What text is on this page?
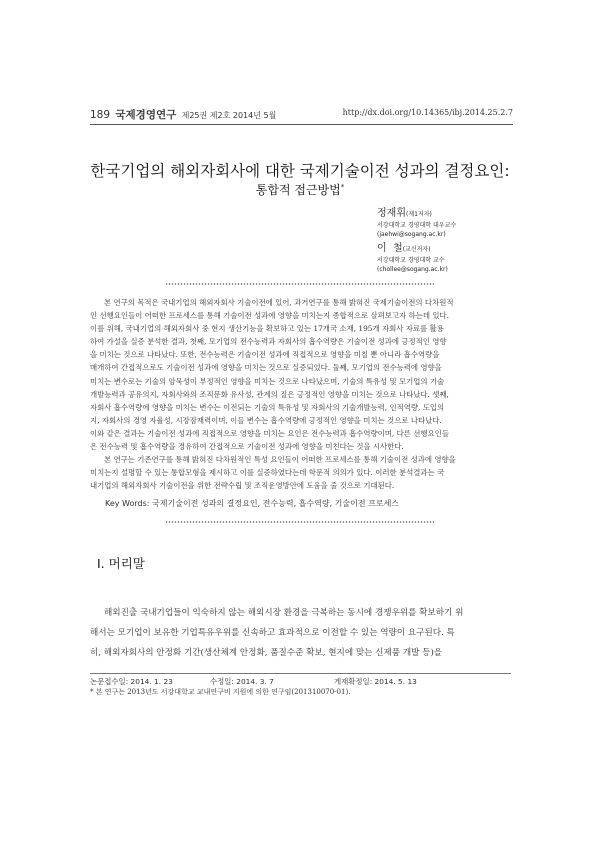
189 국제경영연구 제25권 제2호 2014년 5월	http://dx.doi.org/10.14365/ibj.2014.25.2.7
한국기업의 해외자회사에 대한 국제기술이전 성과의 결정요인:
통합적 접근방법*
정재휘(제1저자)
서강대학교 경영대학 대우교수
(jaehwi@sogang.ac.kr)
이  철(교신저자)
서강대학교 경영대학 교수
(chollee@sogang.ac.kr)
본 연구의 목적은 국내기업의 해외자회사 기술이전에 있어, 과거연구를 통해 밝혀진 국제기술이전의 다차원적
인 선행요인들이 어떠한 프로세스를 통해 기술이전 성과에 영향을 미치는지 종합적으로 살펴보고자 하는데 있다.
이를 위해, 국내기업의 해외자회사 중 현지 생산기능을 확보하고 있는 17개국 소재, 195개 자회사 자료를 활용
하여 가설을 실증 분석한 결과, 첫째, 모기업의 전수능력과 자회사의 흡수역량은 기술이전 성과에 긍정적인 영향
을 미치는 것으로 나타났다. 또한, 전수능력은 기술이전 성과에 직접적으로 영향을 미칠 뿐 아니라 흡수역량을
매개하여 간접적으로도 기술이전 성과에 영향을 미치는 것으로 실증되었다. 둘째, 모기업의 전수능력에 영향을
미치는 변수로는 기술의 암묵성이 부정적인 영향을 미치는 것으로 나타났으며, 기술의 특유성 및 모기업의 기술
개발능력과 공유의지, 자회사와의 조직문화 유사성, 관계의 질은 긍정적인 영향을 미치는 것으로 나타났다. 셋째,
자회사 흡수역량에 영향을 미치는 변수는 이전되는 기술의 특유성 및 자회사의 기술개발능력, 인적역량, 도입의
지, 자회사의 경영 자율성, 시장잠재력이며, 이들 변수는 흡수역량에 긍정적인 영향을 미치는 것으로 나타났다.
이와 같은 결과는 기술이전 성과에 직접적으로 영향을 미치는 요인은 전수능력과 흡수역량이며, 다른 선행요인들
은 전수능력 및 흡수역량을 경유하여 간접적으로 기술이전 성과에 영향을 미친다는 것을 시사한다.
본 연구는 기존연구를 통해 밝혀진 다차원적인 특성 요인들이 어떠한 프로세스를 통해 기술이전 성과에 영향을
미치는지 설명할 수 있는 통합모형을 제시하고 이를 실증하였다는데 학문적 의의가 있다. 이러한 분석결과는 국
내기업의 해외자회사 기술이전을 위한 전략수립 및 조직운영방안에 도움을 줄 것으로 기대된다.
Key Words: 국제기술이전 성과의 결정요인, 전수능력, 흡수역량, 기술이전 프로세스
Ⅰ. 머리말
해외진출 국내기업들이 익숙하지 않는 해외시장 환경을 극복하는 동시에 경쟁우위를 확보하기 위
해서는 모기업이 보유한 기업특유우위를 신속하고 효과적으로 이전할 수 있는 역량이 요구된다. 특
히, 해외자회사의 안정화 기간(생산체계 안정화, 품질수준 확보, 현지에 맞는 신제품 개발 등)을
논문접수일: 2014. 1. 23	수정일: 2014. 3. 7	게재확정일: 2014. 5. 13
* 본 연구는 2013년도 서강대학교 교내연구비 지원에 의한 연구임(201310070-01).
